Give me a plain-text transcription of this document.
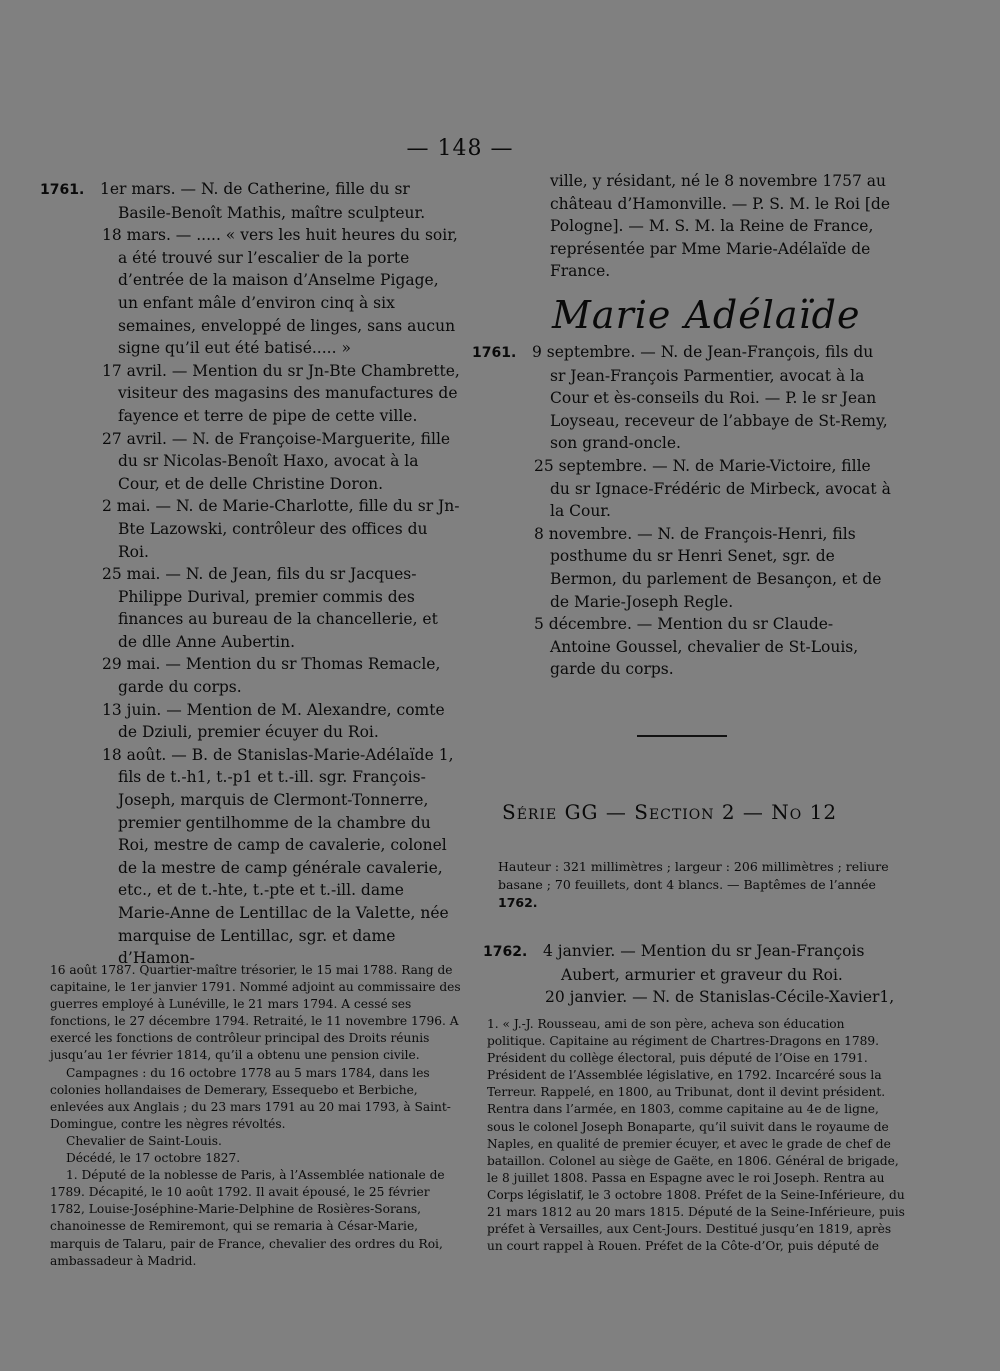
— 148 —

1761. 1er mars. — N. de Catherine, fille du sr Basile-Benoît Mathis, maître sculpteur.

18 mars. — ..... « vers les huit heures du soir, a été trouvé sur l’escalier de la porte d’entrée de la maison d’Anselme Pigage, un enfant mâle d’environ cinq à six semaines, enveloppé de linges, sans aucun signe qu’il eut été batisé..... »

17 avril. — Mention du sr Jn-Bte Chambrette, visiteur des magasins des manufactures de fayence et terre de pipe de cette ville.

27 avril. — N. de Françoise-Marguerite, fille du sr Nicolas-Benoît Haxo, avocat à la Cour, et de delle Christine Doron.

2 mai. — N. de Marie-Charlotte, fille du sr Jn-Bte Lazowski, contrôleur des offices du Roi.

25 mai. — N. de Jean, fils du sr Jacques-Philippe Durival, premier commis des finances au bureau de la chancellerie, et de dlle Anne Aubertin.

29 mai. — Mention du sr Thomas Remacle, garde du corps.

13 juin. — Mention de M. Alexandre, comte de Dziuli, premier écuyer du Roi.

18 août. — B. de Stanislas-Marie-Adélaïde 1, fils de t.-h1, t.-p1 et t.-ill. sgr. François-Joseph, marquis de Clermont-Tonnerre, premier gentilhomme de la chambre du Roi, mestre de camp de cavalerie, colonel de la mestre de camp générale cavalerie, etc., et de t.-hte, t.-pte et t.-ill. dame Marie-Anne de Lentillac de la Valette, née marquise de Lentillac, sgr. et dame d’Hamon-

ville, y résidant, né le 8 novembre 1757 au château d’Hamonville. — P. S. M. le Roi [de Pologne]. — M. S. M. la Reine de France, représentée par Mme Marie-Adélaïde de France.

Marie Adélaïde

1761. 9 septembre. — N. de Jean-François, fils du sr Jean-François Parmentier, avocat à la Cour et ès-conseils du Roi. — P. le sr Jean Loyseau, receveur de l’abbaye de St-Remy, son grand-oncle.

25 septembre. — N. de Marie-Victoire, fille du sr Ignace-Frédéric de Mirbeck, avocat à la Cour.

8 novembre. — N. de François-Henri, fils posthume du sr Henri Senet, sgr. de Bermon, du parlement de Besançon, et de de Marie-Joseph Regle.

5 décembre. — Mention du sr Claude-Antoine Goussel, chevalier de St-Louis, garde du corps.

Série GG — Section 2 — No 12
Hauteur : 321 millimètres ; largeur : 206 millimètres ; reliure basane ; 70 feuillets, dont 4 blancs. — Baptêmes de l’année 1762.

1762. 4 janvier. — Mention du sr Jean-François Aubert, armurier et graveur du Roi.

20 janvier. — N. de Stanislas-Cécile-Xavier1,

16 août 1787. Quartier-maître trésorier, le 15 mai 1788. Rang de capitaine, le 1er janvier 1791. Nommé adjoint au commissaire des guerres employé à Lunéville, le 21 mars 1794. A cessé ses fonctions, le 27 décembre 1794. Retraité, le 11 novembre 1796. A exercé les fonctions de contrôleur principal des Droits réunis jusqu’au 1er février 1814, qu’il a obtenu une pension civile.

Campagnes : du 16 octobre 1778 au 5 mars 1784, dans les colonies hollandaises de Demerary, Essequebo et Berbiche, enlevées aux Anglais ; du 23 mars 1791 au 20 mai 1793, à Saint-Domingue, contre les nègres révoltés.

Chevalier de Saint-Louis.

Décédé, le 17 octobre 1827.

1. Député de la noblesse de Paris, à l’Assemblée nationale de 1789. Décapité, le 10 août 1792. Il avait épousé, le 25 février 1782, Louise-Joséphine-Marie-Delphine de Rosières-Sorans, chanoinesse de Remiremont, qui se remaria à César-Marie, marquis de Talaru, pair de France, chevalier des ordres du Roi, ambassadeur à Madrid.

1. « J.-J. Rousseau, ami de son père, acheva son éducation politique. Capitaine au régiment de Chartres-Dragons en 1789. Président du collège électoral, puis député de l’Oise en 1791. Président de l’Assemblée législative, en 1792. Incarcéré sous la Terreur. Rappelé, en 1800, au Tribunat, dont il devint président. Rentra dans l’armée, en 1803, comme capitaine au 4e de ligne, sous le colonel Joseph Bonaparte, qu’il suivit dans le royaume de Naples, en qualité de premier écuyer, et avec le grade de chef de bataillon. Colonel au siège de Gaëte, en 1806. Général de brigade, le 8 juillet 1808. Passa en Espagne avec le roi Joseph. Rentra au Corps législatif, le 3 octobre 1808. Préfet de la Seine-Inférieure, du 21 mars 1812 au 20 mars 1815. Député de la Seine-Inférieure, puis préfet à Versailles, aux Cent-Jours. Destitué jusqu’en 1819, après un court rappel à Rouen. Préfet de la Côte-d’Or, puis député de
